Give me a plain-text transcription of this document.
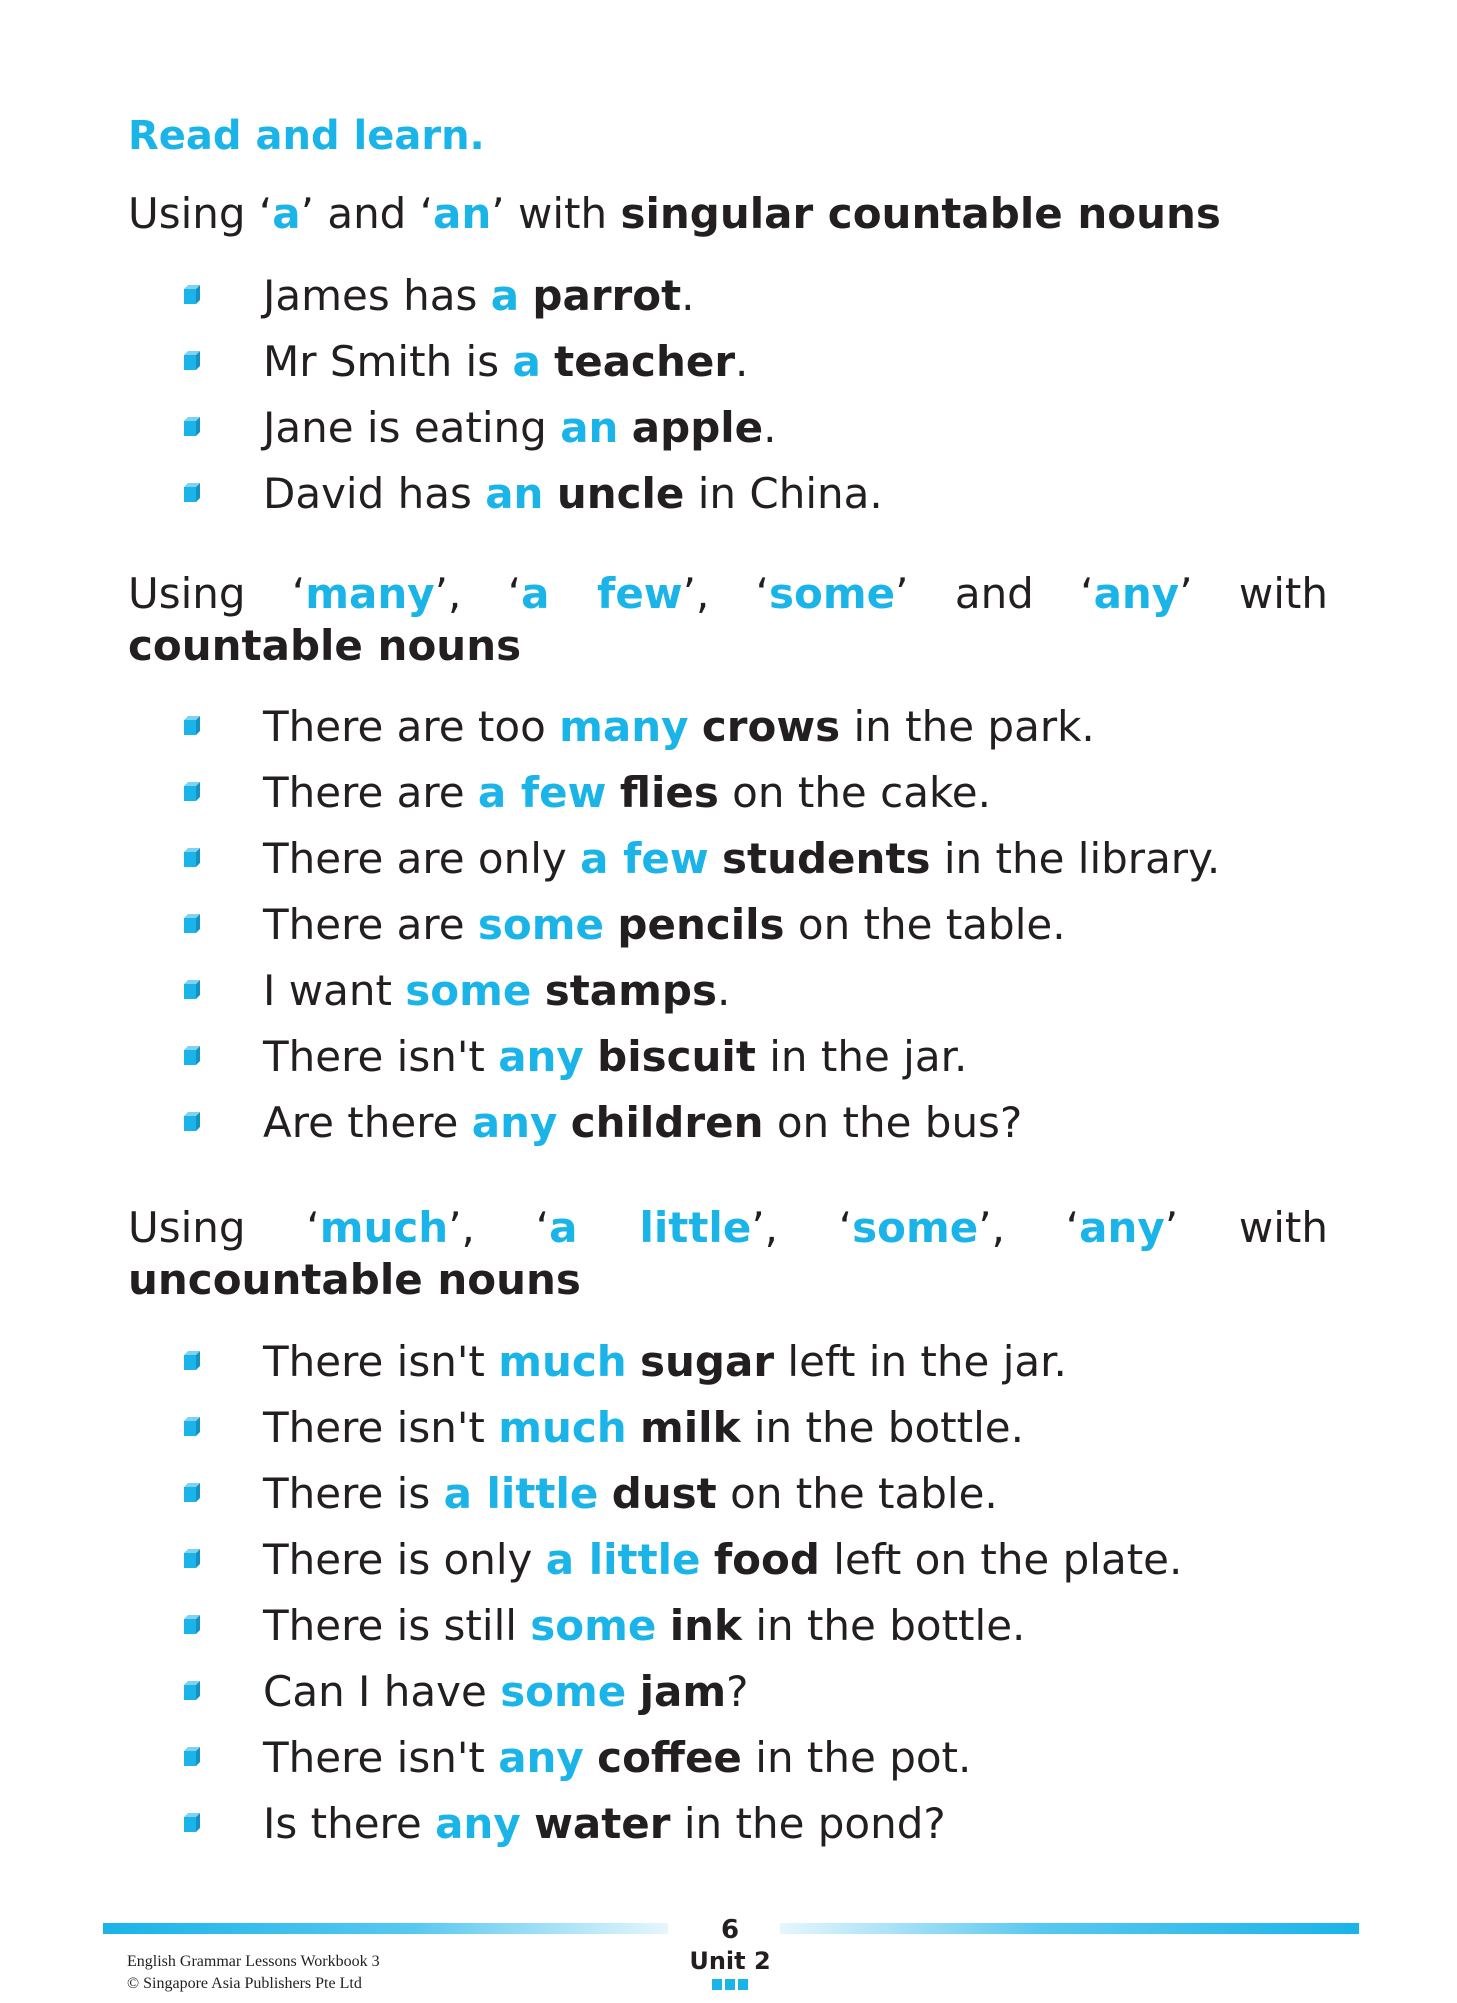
Read and learn.

Using ‘a’ and ‘an’ with singular countable nouns

James has a parrot.
Mr Smith is a teacher.
Jane is eating an apple.
David has an uncle in China.

Using ‘many’, ‘a few’, ‘some’ and ‘any’ with countable nouns

There are too many crows in the park.
There are a few flies on the cake.
There are only a few students in the library.
There are some pencils on the table.
I want some stamps.
There isn't any biscuit in the jar.
Are there any children on the bus?

Using ‘much’, ‘a little’, ‘some’, ‘any’ with uncountable nouns

There isn't much sugar left in the jar.
There isn't much milk in the bottle.
There is a little dust on the table.
There is only a little food left on the plate.
There is still some ink in the bottle.
Can I have some jam?
There isn't any coffee in the pot.
Is there any water in the pond?
6
Unit 2
English Grammar Lessons Workbook 3
© Singapore Asia Publishers Pte Ltd
